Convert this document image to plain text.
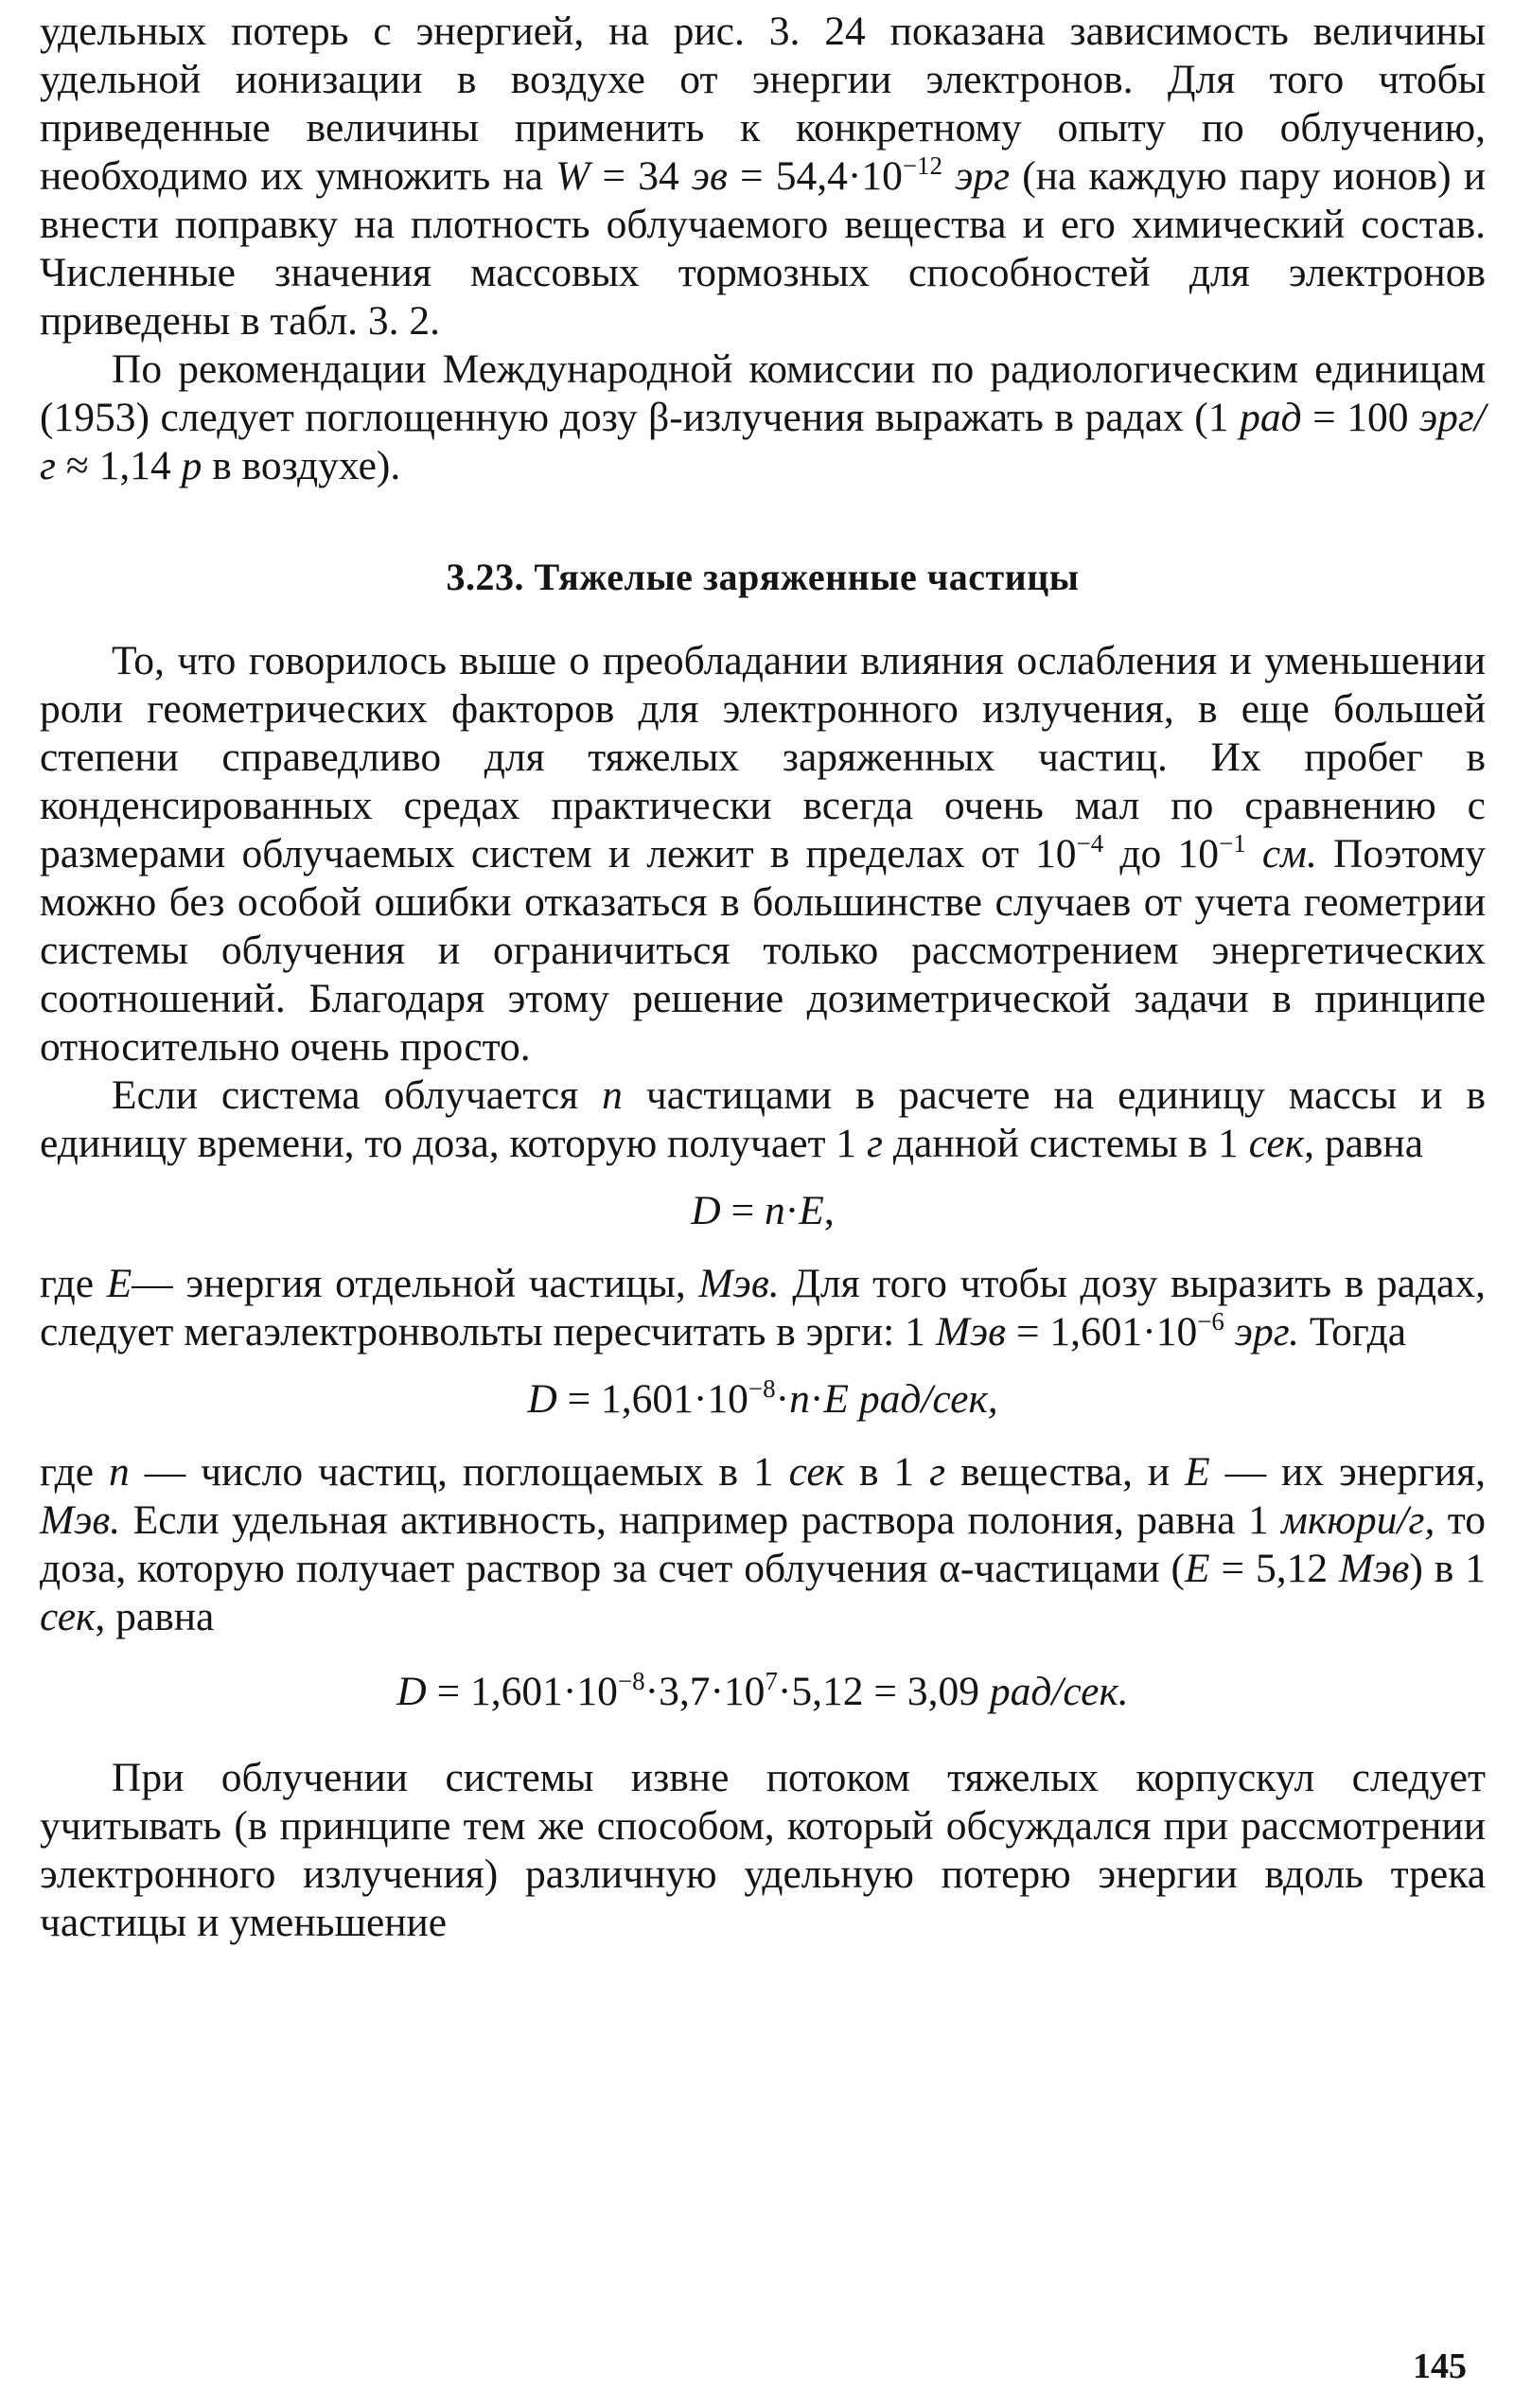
удельных потерь с энергией, на рис. 3. 24 показана зависимость величины удельной ионизации в воздухе от энергии электронов. Для того чтобы приведенные величины применить к конкретному опыту по облучению, необходимо их умножить на W = 34 эв = $54,4\cdot 10^{-12}$ эрг (на каждую пару ионов) и внести поправку на плотность облучаемого вещества и его химический состав. Численные значения массовых тормозных способностей для электронов приведены в табл. 3. 2.

По рекомендации Международной комиссии по радиологическим единицам (1953) следует поглощенную дозу β-излучения выражать в радах (1 рад = 100 эрг/г ≈ 1,14 р в воздухе).

3.23. Тяжелые заряженные частицы

То, что говорилось выше о преобладании влияния ослабления и уменьшении роли геометрических факторов для электронного излучения, в еще большей степени справедливо для тяжелых заряженных частиц. Их пробег в конденсированных средах практически всегда очень мал по сравнению с размерами облучаемых систем и лежит в пределах от $10^{-4}$ до $10^{-1}$ см. Поэтому можно без особой ошибки отказаться в большинстве случаев от учета геометрии системы облучения и ограничиться только рассмотрением энергетических соотношений. Благодаря этому решение дозиметрической задачи в принципе относительно очень просто.

Если система облучается n частицами в расчете на единицу массы и в единицу времени, то доза, которую получает 1 г данной системы в 1 сек, равна

D = n·E,

где E— энергия отдельной частицы, Мэв. Для того чтобы дозу выразить в радах, следует мегаэлектронвольты пересчитать в эрги: 1 Мэв = $1,601\cdot 10^{-6}$ эрг. Тогда

$D = 1,601\cdot 10^{-8}\cdot n\cdot E$ рад/сек,

где n — число частиц, поглощаемых в 1 сек в 1 г вещества, и E — их энергия, Мэв. Если удельная активность, например раствора полония, равна 1 мкюри/г, то доза, которую получает раствор за счет облучения α-частицами (E = 5,12 Мэв) в 1 сек, равна

$D = 1,601\cdot 10^{-8}\cdot 3,7\cdot 10^7\cdot 5,12 = 3,09$ рад/сек.

При облучении системы извне потоком тяжелых корпускул следует учитывать (в принципе тем же способом, который обсуждался при рассмотрении электронного излучения) различную удельную потерю энергии вдоль трека частицы и уменьшение

145
